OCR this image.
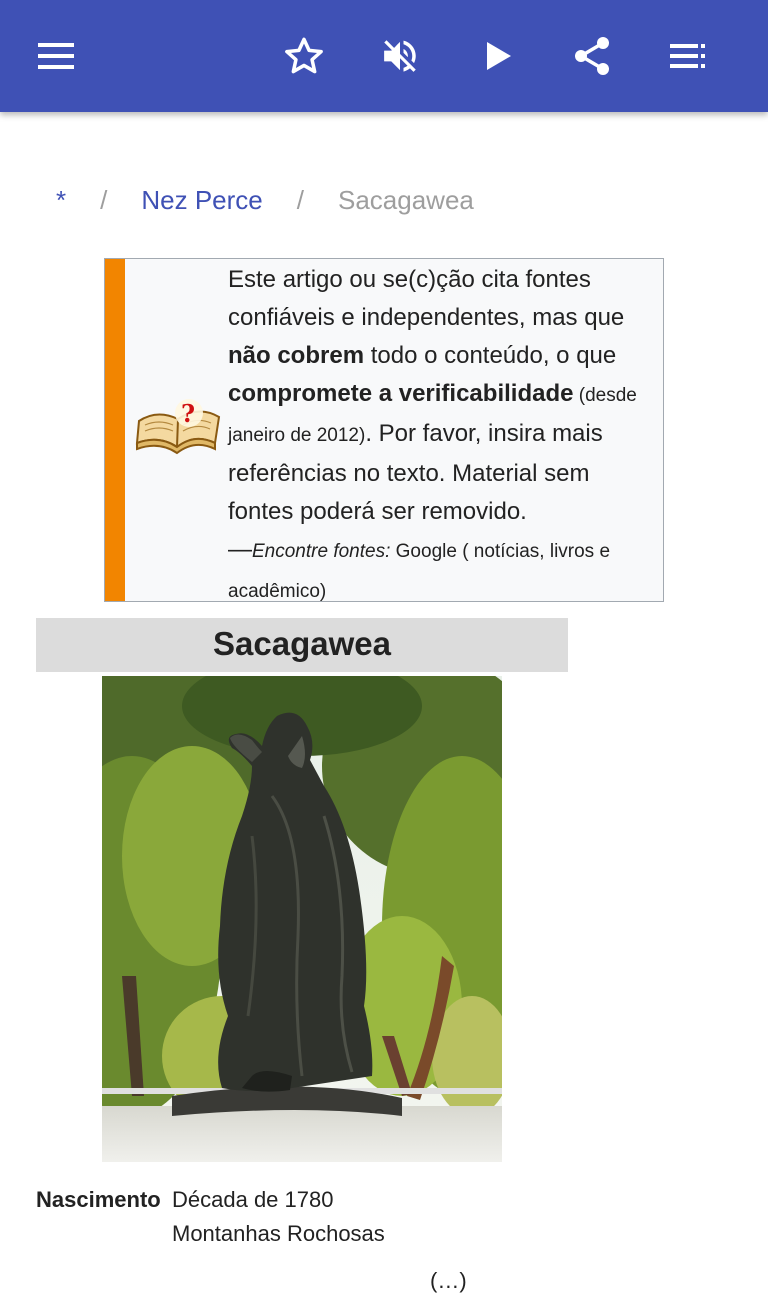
* / Nez Perce / Sacagawea
?
Este artigo ou se(c)ção cita fontes confiáveis e independentes, mas que não cobrem todo o conteúdo, o que compromete a verificabilidade (desde janeiro de 2012). Por favor, insira mais referências no texto. Material sem fontes poderá ser removido.
—Encontre fontes: Google ( notícias, livros e acadêmico)
Sacagawea
Nascimento Década de 1780
Montanhas Rochosas
(…)
